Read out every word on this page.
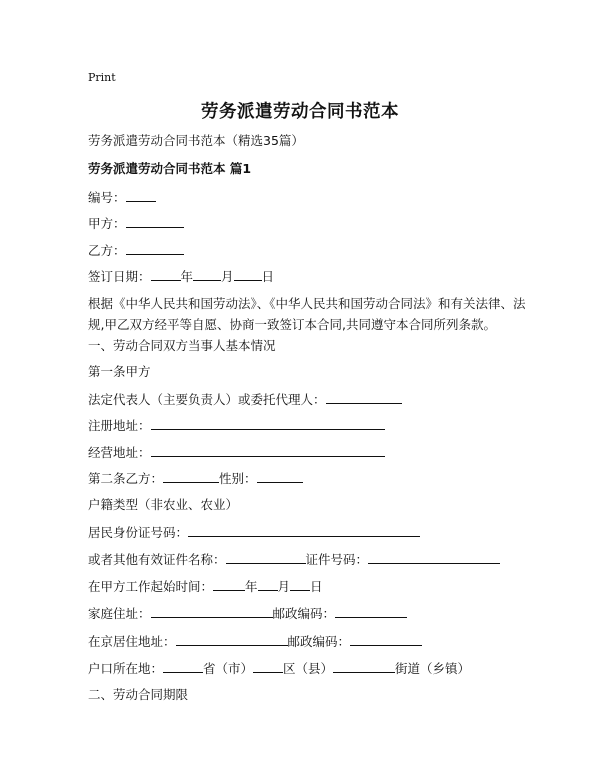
Print
劳务派遣劳动合同书范本
劳务派遣劳动合同书范本（精选35篇）
劳务派遣劳动合同书范本 篇1
编号：
甲方：
乙方：
签订日期： 年 月 日
根据《中华人民共和国劳动法》、《中华人民共和国劳动合同法》和有关法律、法规,甲乙双方经平等自愿、协商一致签订本合同,共同遵守本合同所列条款。
一、劳动合同双方当事人基本情况
第一条甲方
法定代表人（主要负责人）或委托代理人：
注册地址：
经营地址：
第二条乙方：	性别：
户籍类型（非农业、农业）
居民身份证号码：
或者其他有效证件名称：	证件号码：
在甲方工作起始时间：	年 月 日
家庭住址：	邮政编码：
在京居住地址：	邮政编码：
户口所在地：	省（市） 区（县）	街道（乡镇）
二、劳动合同期限
